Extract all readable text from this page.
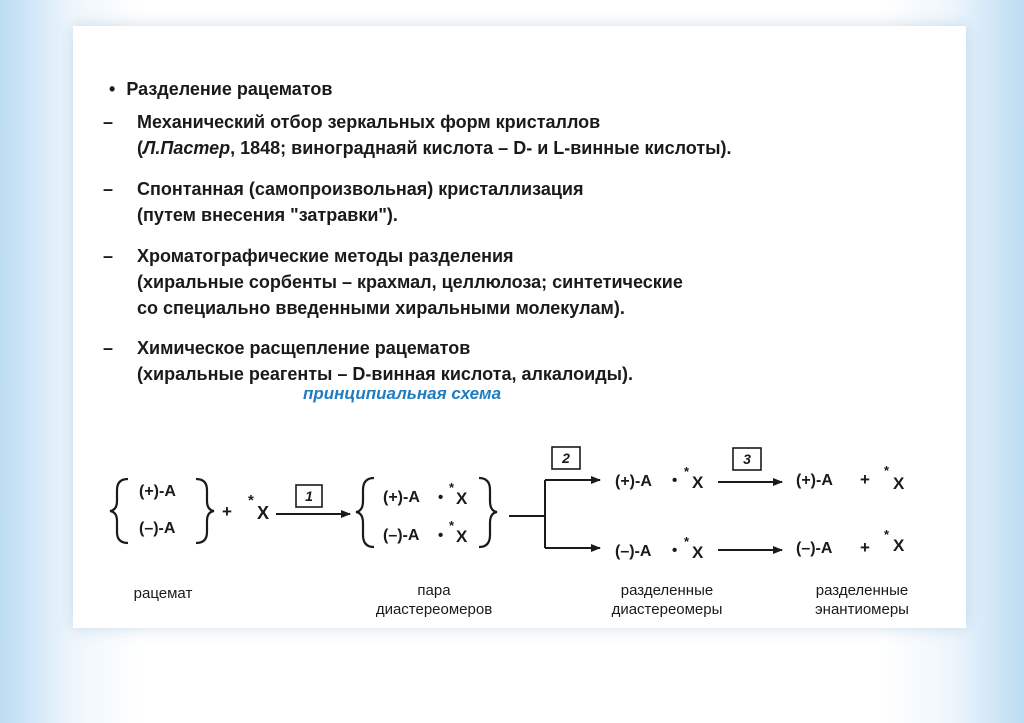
• Разделение рацематов
– Механический отбор зеркальных форм кристаллов
(Л.Пастер, 1848; винограднаяй кислота – D- и L-винные кислоты).
– Спонтанная (самопроизвольная) кристаллизация
(путем внесения "затравки").
– Хроматографические методы разделения
(хиральные сорбенты – крахмал, целлюлоза; синтетические
со специально введенными хиральными молекулам).
– Химическое расщепление рацематов
(хиральные реагенты – D-винная кислота, алкалоиды).
принципиальная схема
(+)-A
(–)-A
+
*
X
1	(+)-A •
*
X
(–)-A •
*
X
2
(+)-A •
*
X
(–)-A •
*
X
3
(+)-A + *
X
(–)-A +
*
X
рацемат	пара
диастереомеров
разделенные
диастереомеры
разделенные
энантиомеры
